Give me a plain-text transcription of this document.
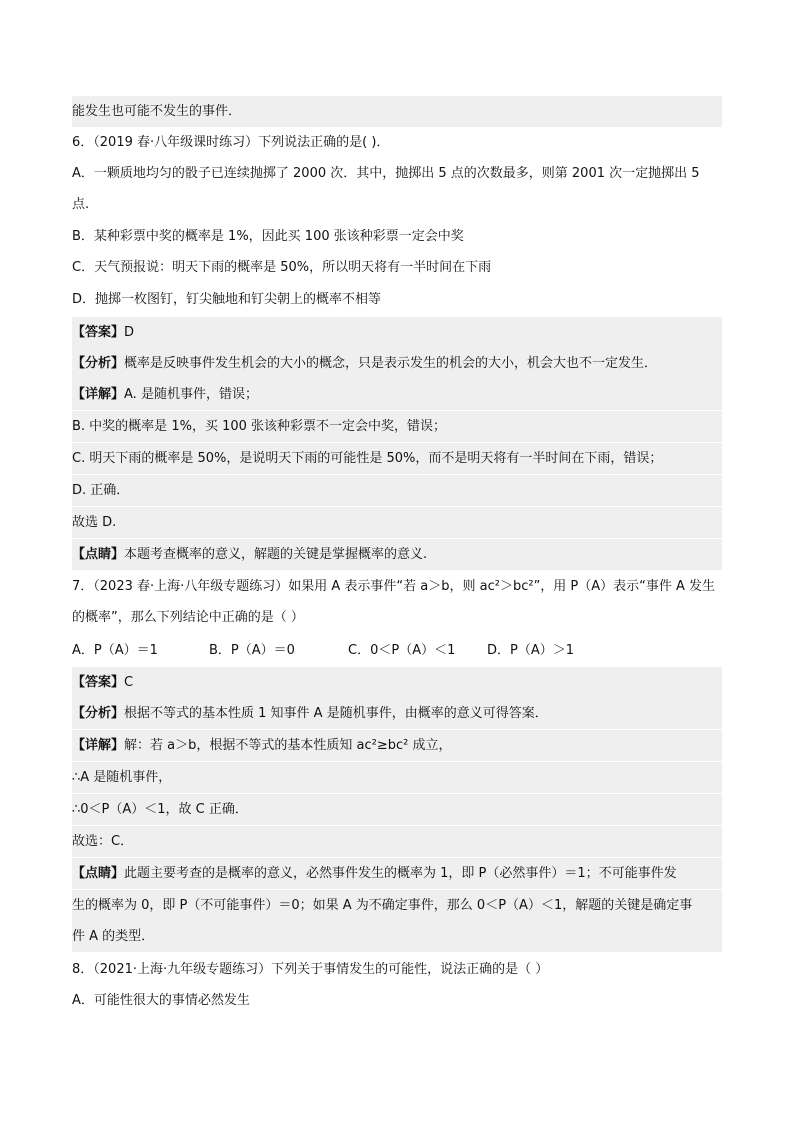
能发生也可能不发生的事件．
6．（2019 春·八年级课时练习）下列说法正确的是( )．
A．一颗质地均匀的骰子已连续抛掷了 2000 次．其中，抛掷出 5 点的次数最多，则第 2001 次一定抛掷出 5
点.
B．某种彩票中奖的概率是 1%，因此买 100 张该种彩票一定会中奖
C．天气预报说：明天下雨的概率是 50%，所以明天将有一半时间在下雨
D．抛掷一枚图钉，钉尖触地和钉尖朝上的概率不相等
【答案】D
【分析】概率是反映事件发生机会的大小的概念，只是表示发生的机会的大小，机会大也不一定发生．
【详解】A. 是随机事件，错误；
B. 中奖的概率是 1%，买 100 张该种彩票不一定会中奖，错误；
C. 明天下雨的概率是 50%，是说明天下雨的可能性是 50%，而不是明天将有一半时间在下雨，错误；
D. 正确．
故选 D.
【点睛】本题考查概率的意义，解题的关键是掌握概率的意义.
7．（2023 春·上海·八年级专题练习）如果用 A 表示事件“若 a＞b，则 ac²＞bc²”，用 P（A）表示“事件 A 发生
的概率”，那么下列结论中正确的是（ ）
A．P（A）＝1	B．P（A）＝0	C．0＜P（A）＜1 D．P（A）＞1
【答案】C
【分析】根据不等式的基本性质 1 知事件 A 是随机事件，由概率的意义可得答案．
【详解】解：若 a＞b，根据不等式的基本性质知 ac²≥bc² 成立，
∴A 是随机事件，
∴0＜P（A）＜1，故 C 正确．
故选：C．
【点睛】此题主要考查的是概率的意义，必然事件发生的概率为 1，即 P（必然事件）＝1；不可能事件发
生的概率为 0，即 P（不可能事件）＝0；如果 A 为不确定事件，那么 0＜P（A）＜1，解题的关键是确定事
件 A 的类型．
8．（2021·上海·九年级专题练习）下列关于事情发生的可能性，说法正确的是（ ）
A．可能性很大的事情必然发生
